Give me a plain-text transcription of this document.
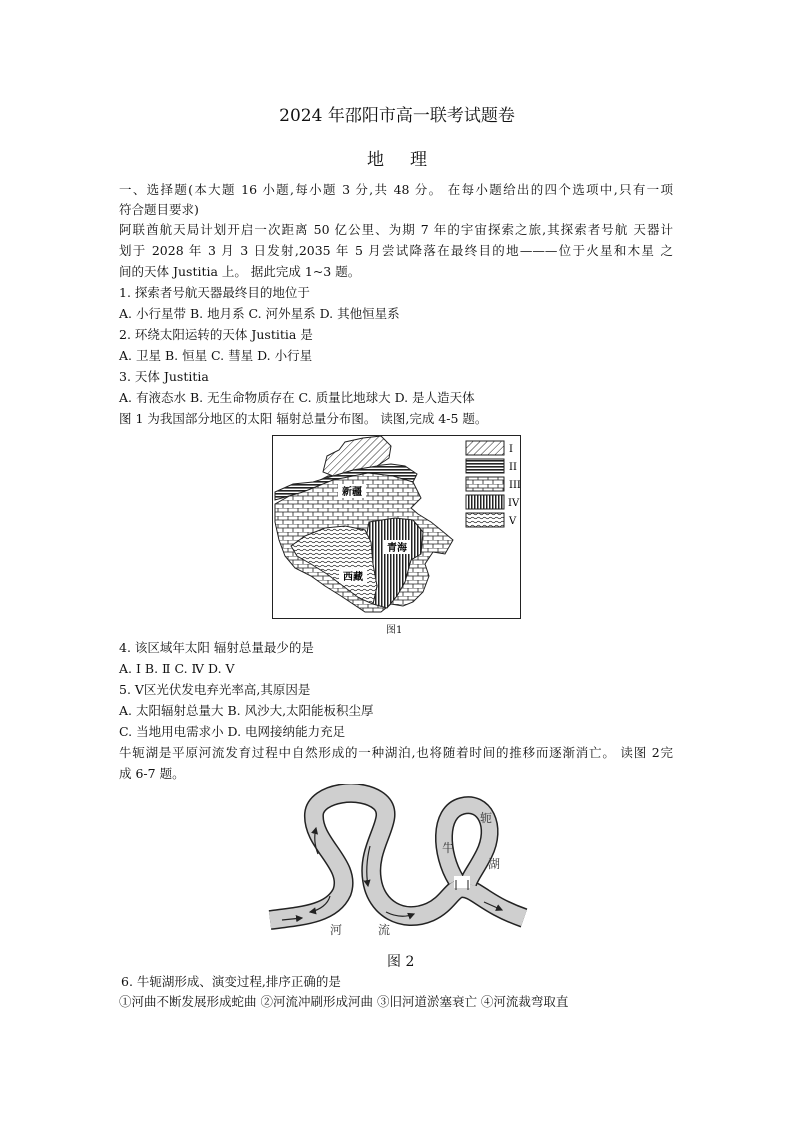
2024 年邵阳市高一联考试题卷
地理
一、选择题(本大题 16 小题,每小题 3 分,共 48 分。 在每小题给出的四个选项中,只有一项
符合题目要求)
阿联酋航天局计划开启一次距离 50 亿公里、为期 7 年的宇宙探索之旅,其探索者号航 天器计
划于 2028 年 3 月 3 日发射,2035 年 5 月尝试降落在最终目的地———位于火星和木星 之
间的天体 Justitia 上。 据此完成 1~3 题。
1. 探索者号航天器最终目的地位于
A. 小行星带 B. 地月系 C. 河外星系 D. 其他恒星系
2. 环绕太阳运转的天体 Justitia 是
A. 卫星 B. 恒星 C. 彗星 D. 小行星
3. 天体 Justitia
A. 有液态水 B. 无生命物质存在 C. 质量比地球大 D. 是人造天体
图 1 为我国部分地区的太阳 辐射总量分布图。 读图,完成 4-5 题。
新疆
青海
西藏
I
II
III
IV
V
图1
4. 该区域年太阳 辐射总量最少的是
A. Ⅰ B. Ⅱ C. Ⅳ D. Ⅴ
5. Ⅴ区光伏发电弃光率高,其原因是
A. 太阳辐射总量大 B. 风沙大,太阳能板积尘厚
C. 当地用电需求小 D. 电网接纳能力充足
牛轭湖是平原河流发育过程中自然形成的一种湖泊,也将随着时间的推移而逐渐消亡。 读图 2完
成 6-7 题。
河	流
牛
轭
湖
图 2
6. 牛轭湖形成、演变过程,排序正确的是
①河曲不断发展形成蛇曲 ②河流冲刷形成河曲 ③旧河道淤塞衰亡 ④河流裁弯取直
